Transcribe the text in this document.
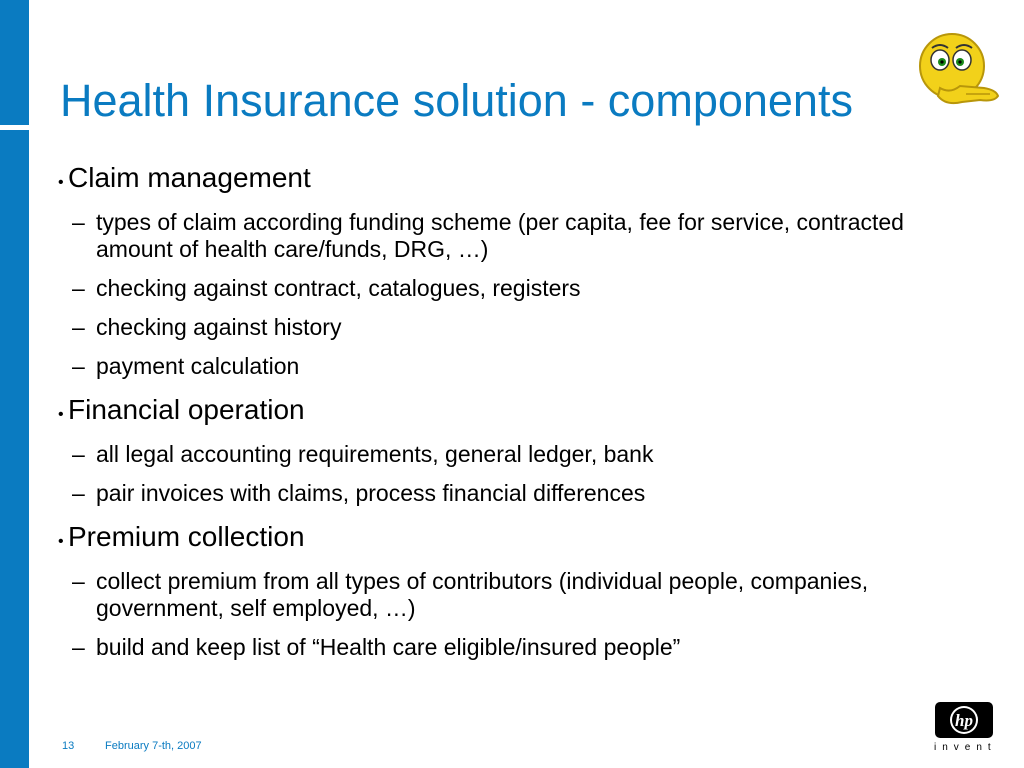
Health Insurance solution - components
• Claim management
– types of claim according funding scheme (per capita, fee for service, contracted amount of health care/funds, DRG, …)
– checking against contract, catalogues, registers
– checking against history
– payment calculation
• Financial operation
– all legal accounting requirements, general ledger, bank
– pair invoices with claims, process financial differences
• Premium collection
– collect premium from all types of contributors (individual people, companies, government, self employed, …)
– build and keep list of “Health care eligible/insured people”
13	February 7-th, 2007
hp
invent
